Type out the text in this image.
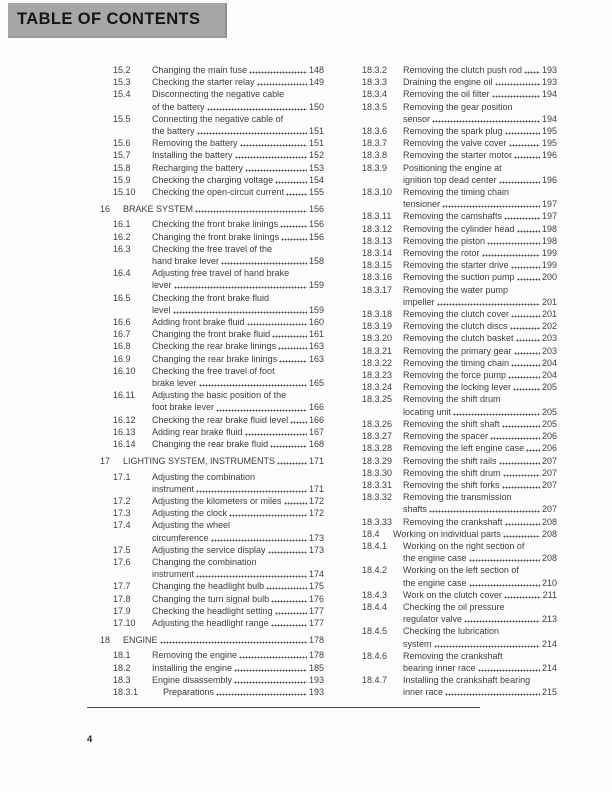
TABLE OF CONTENTS
15.2	Changing the main fuse	148
15.3	Checking the starter relay	149
15.4	Disconnecting the negative cable
of the battery	150
15.5	Connecting the negative cable of
the battery	151
15.6	Removing the battery	151
15.7	Installing the battery	152
15.8	Recharging the battery	153
15.9	Checking the charging voltage	154
15.10	Checking the open-circuit current	155
16	BRAKE SYSTEM	156
16.1	Checking the front brake linings	156
16.2	Changing the front brake linings	156
16.3	Checking the free travel of the
hand brake lever	158
16.4	Adjusting free travel of hand brake
lever	159
16.5	Checking the front brake fluid
level	159
16.6	Adding front brake fluid	160
16.7	Changing the front brake fluid	161
16.8	Checking the rear brake linings	163
16.9	Changing the rear brake linings	163
16.10	Checking the free travel of foot
brake lever	165
16.11	Adjusting the basic position of the
foot brake lever	166
16.12	Checking the rear brake fluid level 166
16.13	Adding rear brake fluid	167
16.14	Changing the rear brake fluid	168
17	LIGHTING SYSTEM, INSTRUMENTS	171
17.1	Adjusting the combination
instrument	171
17.2	Adjusting the kilometers or miles	172
17.3	Adjusting the clock	172
17.4	Adjusting the wheel
circumference	173
17.5	Adjusting the service display	173
17.6	Changing the combination
instrument	174
17.7	Changing the headlight bulb	175
17.8	Changing the turn signal bulb	176
17.9	Checking the headlight setting	177
17.10	Adjusting the headlight range	177
18	ENGINE	178
18.1	Removing the engine	178
18.2	Installing the engine	185
18.3	Engine disassembly	193
18.3.1	Preparations	193
18.3.2	Removing the clutch push rod 193
18.3.3	Draining the engine oil	193
18.3.4	Removing the oil filter	194
18.3.5	Removing the gear position
sensor	194
18.3.6	Removing the spark plug	195
18.3.7	Removing the valve cover	195
18.3.8	Removing the starter motor	196
18.3.9	Positioning the engine at
ignition top dead center	196
18.3.10	Removing the timing chain
tensioner	197
18.3.11	Removing the camshafts	197
18.3.12	Removing the cylinder head	198
18.3.13	Removing the piston	198
18.3.14	Removing the rotor	199
18.3.15	Removing the starter drive	199
18.3.16	Removing the suction pump	200
18.3.17	Removing the water pump
impeller	201
18.3.18	Removing the clutch cover	201
18.3.19	Removing the clutch discs	202
18.3.20	Removing the clutch basket	203
18.3.21	Removing the primary gear	203
18.3.22	Removing the timing chain	204
18.3.23	Removing the force pump	204
18.3.24	Removing the locking lever	205
18.3.25	Removing the shift drum
locating unit	205
18.3.26	Removing the shift shaft	205
18.3.27	Removing the spacer	206
18.3.28	Removing the left engine case 206
18.3.29	Removing the shift rails	207
18.3.30	Removing the shift drum	207
18.3.31	Removing the shift forks	207
18.3.32	Removing the transmission
shafts	207
18.3.33	Removing the crankshaft	208
18.4	Working on individual parts	208
18.4.1	Working on the right section of
the engine case	208
18.4.2	Working on the left section of
the engine case	210
18.4.3	Work on the clutch cover	211
18.4.4	Checking the oil pressure
regulator valve	213
18.4.5	Checking the lubrication
system	214
18.4.6	Removing the crankshaft
bearing inner race	214
18.4.7	Installing the crankshaft bearing
inner race	215
4
